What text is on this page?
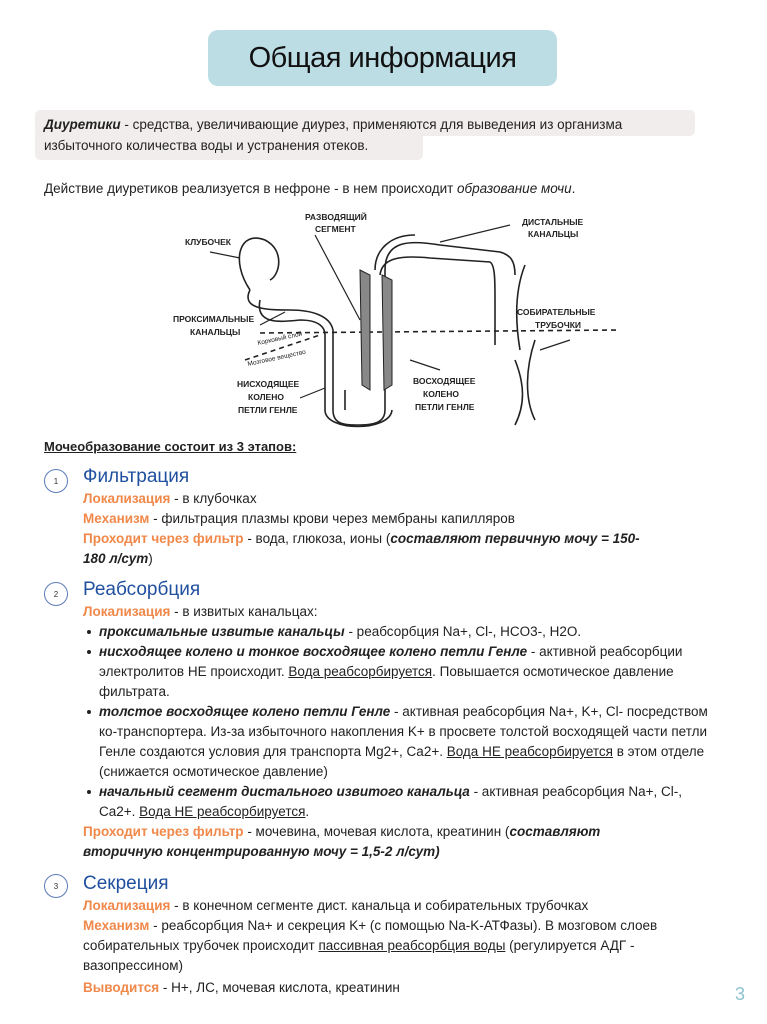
Общая информация
Диуретики - средства, увеличивающие диурез, применяются для выведения из организма избыточного количества воды и устранения отеков.
Действие диуретиков реализуется в нефроне - в нем происходит образование мочи.
КЛУБОЧЕК
РАЗВОДЯЩИЙ
СЕГМЕНТ
ДИСТАЛЬНЫЕ
КАНАЛЬЦЫ
ПРОКСИМАЛЬНЫЕ
КАНАЛЬЦЫ	Корковый слой
Мозговое вещество
СОБИРАТЕЛЬНЫЕ
ТРУБОЧКИ
НИСХОДЯЩЕЕ
КОЛЕНО
ПЕТЛИ ГЕНЛЕ
ВОСХОДЯЩЕЕ
КОЛЕНО
ПЕТЛИ ГЕНЛЕ
Мочеобразование состоит из 3 этапов:
1	Фильтрация
Локализация - в клубочках
Механизм - фильтрация плазмы крови через мембраны капилляров
Проходит через фильтр - вода, глюкоза, ионы (составляют первичную мочу = 150-180 л/сут)
2	Реабсорбция
Локализация - в извитых канальцах:
проксимальные извитые канальцы - реабсорбция Na+, Cl-, HCO3-, H2O.
нисходящее колено и тонкое восходящее колено петли Генле - активной реабсорбции электролитов НЕ происходит. Вода реабсорбируется. Повышается осмотическое давление фильтрата.
толстое восходящее колено петли Генле - активная реабсорбция Na+, K+, Cl- посредством ко-транспортера. Из-за избыточного накопления K+ в просвете толстой восходящей части петли Генле создаются условия для транспорта Mg2+, Ca2+. Вода НЕ реабсорбируется в этом отделе (снижается осмотическое давление)
начальный сегмент дистального извитого канальца - активная реабсорбция Na+, Cl-, Ca2+. Вода НЕ реабсорбируется.
Проходит через фильтр - мочевина, мочевая кислота, креатинин (составляют вторичную концентрированную мочу = 1,5-2 л/сут)
3	Секреция
Локализация - в конечном сегменте дист. канальца и собирательных трубочках
Механизм - реабсорбция Na+ и секреция K+ (с помощью Na-K-АТФазы). В мозговом слоев собирательных трубочек происходит пассивная реабсорбция воды (регулируется АДГ - вазопрессином)
Выводится - H+, ЛС, мочевая кислота, креатинин	3
